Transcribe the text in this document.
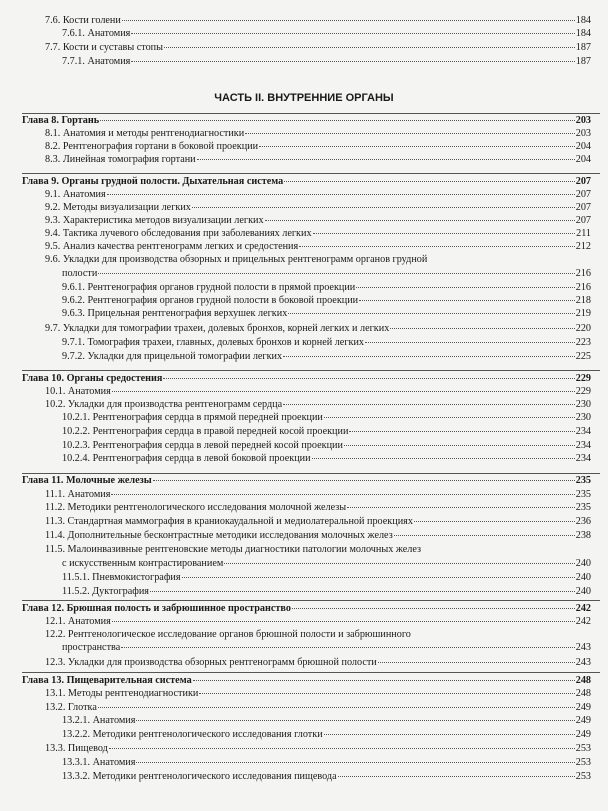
ЧАСТЬ II. ВНУТРЕННИЕ ОРГАНЫ
7.6. Кости голени	184
7.6.1. Анатомия	184
7.7. Кости и суставы стопы	187
7.7.1. Анатомия	187
Глава 8. Гортань	203
8.1. Анатомия и методы рентгенодиагностики	203
8.2. Рентгенография гортани в боковой проекции	204
8.3. Линейная томография гортани	204
Глава 9. Органы грудной полости. Дыхательная система	207
9.1. Анатомия	207
9.2. Методы визуализации легких	207
9.3. Характеристика методов визуализации легких	207
9.4. Тактика лучевого обследования при заболеваниях легких	211
9.5. Анализ качества рентгенограмм легких и средостения	212
9.6. Укладки для производства обзорных и прицельных рентгенограмм органов грудной
полости	216
9.6.1. Рентгенография органов грудной полости в прямой проекции	216
9.6.2. Рентгенография органов грудной полости в боковой проекции	218
9.6.3. Прицельная рентгенография верхушек легких	219
9.7. Укладки для томографии трахеи, долевых бронхов, корней легких и легких	220
9.7.1. Томография трахеи, главных, долевых бронхов и корней легких	223
9.7.2. Укладки для прицельной томографии легких	225
Глава 10. Органы средостения	229
10.1. Анатомия	229
10.2. Укладки для производства рентгенограмм сердца	230
10.2.1. Рентгенография сердца в прямой передней проекции	230
10.2.2. Рентгенография сердца в правой передней косой проекции	234
10.2.3. Рентгенография сердца в левой передней косой проекции	234
10.2.4. Рентгенография сердца в левой боковой проекции	234
Глава 11. Молочные железы	235
11.1. Анатомия	235
11.2. Методики рентгенологического исследования молочной железы	235
11.3. Стандартная маммография в краниокаудальной и медиолатеральной проекциях	236
11.4. Дополнительные бесконтрастные методики исследования молочных желез	238
11.5. Малоинвазивные рентгеновские методы диагностики патологии молочных желез
с искусственным контрастированием	240
11.5.1. Пневмокистография	240
11.5.2. Дуктография	240
Глава 12. Брюшная полость и забрюшинное пространство	242
12.1. Анатомия	242
12.2. Рентгенологическое исследование органов брюшной полости и забрюшинного
пространства	243
12.3. Укладки для производства обзорных рентгенограмм брюшной полости	243
Глава 13. Пищеварительная система	248
13.1. Методы рентгенодиагностики	248
13.2. Глотка	249
13.2.1. Анатомия	249
13.2.2. Методики рентгенологического исследования глотки	249
13.3. Пищевод	253
13.3.1. Анатомия	253
13.3.2. Методики рентгенологического исследования пищевода	253
